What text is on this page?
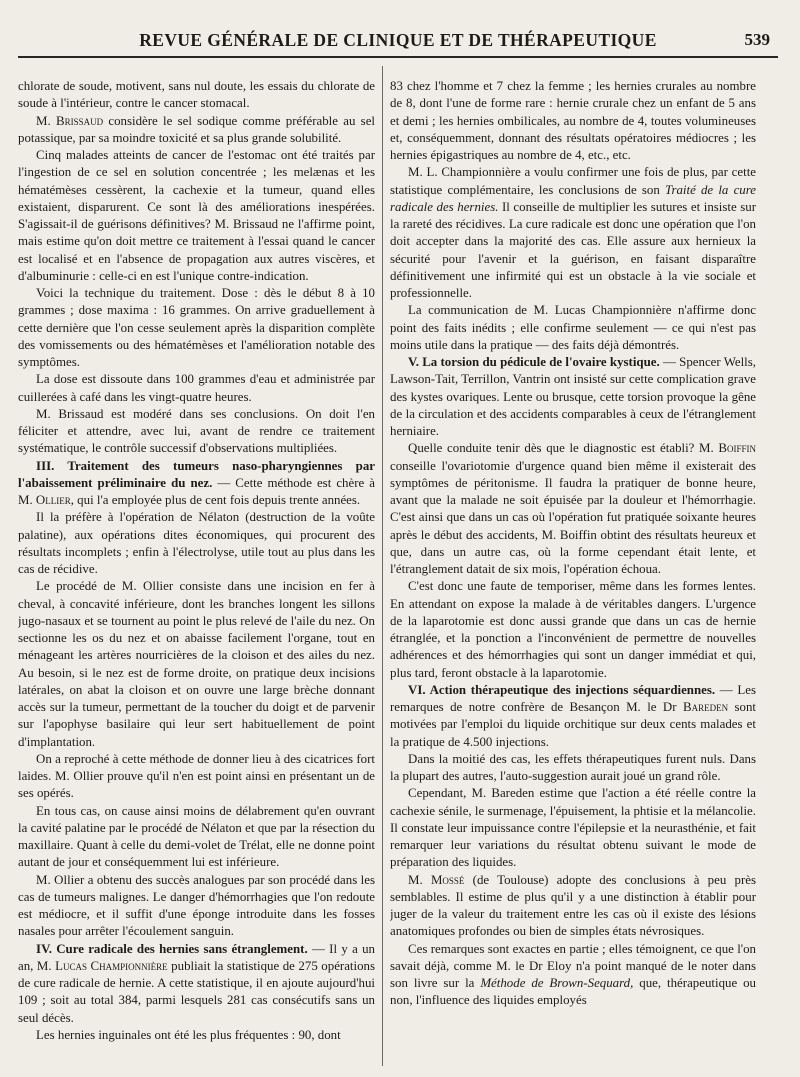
REVUE GÉNÉRALE DE CLINIQUE ET DE THÉRAPEUTIQUE	539

chlorate de soude, motivent, sans nul doute, les essais du chlorate de soude à l'intérieur, contre le cancer stomacal.

M. Brissaud considère le sel sodique comme préférable au sel potassique, par sa moindre toxicité et sa plus grande solubilité.

Cinq malades atteints de cancer de l'estomac ont été traités par l'ingestion de ce sel en solution concentrée ; les melænas et les hématémèses cessèrent, la cachexie et la tumeur, quand elles existaient, disparurent. Ce sont là des améliorations inespérées. S'agissait-il de guérisons définitives? M. Brissaud ne l'affirme point, mais estime qu'on doit mettre ce traitement à l'essai quand le cancer est localisé et en l'absence de propagation aux autres viscères, et d'albuminurie : celle-ci en est l'unique contre-indication.

Voici la technique du traitement. Dose : dès le début 8 à 10 grammes ; dose maxima : 16 grammes. On arrive graduellement à cette dernière que l'on cesse seulement après la disparition complète des vomissements ou des hématémèses et l'amélioration notable des symptômes.

La dose est dissoute dans 100 grammes d'eau et administrée par cuillerées à café dans les vingt-quatre heures.

M. Brissaud est modéré dans ses conclusions. On doit l'en féliciter et attendre, avec lui, avant de rendre ce traitement systématique, le contrôle successif d'observations multipliées.

III. Traitement des tumeurs naso-pharyngiennes par l'abaissement préliminaire du nez. — Cette méthode est chère à M. Ollier, qui l'a employée plus de cent fois depuis trente années.

Il la préfère à l'opération de Nélaton (destruction de la voûte palatine), aux opérations dites économiques, qui procurent des résultats incomplets ; enfin à l'électrolyse, utile tout au plus dans les cas de récidive.

Le procédé de M. Ollier consiste dans une incision en fer à cheval, à concavité inférieure, dont les branches longent les sillons jugo-nasaux et se tournent au point le plus relevé de l'aile du nez. On sectionne les os du nez et on abaisse facilement l'organe, tout en ménageant les artères nourricières de la cloison et des ailes du nez. Au besoin, si le nez est de forme droite, on pratique deux incisions latérales, on abat la cloison et on ouvre une large brèche donnant accès sur la tumeur, permettant de la toucher du doigt et de parvenir sur l'apophyse basilaire qui leur sert habituellement de point d'implantation.

On a reproché à cette méthode de donner lieu à des cicatrices fort laides. M. Ollier prouve qu'il n'en est point ainsi en présentant un de ses opérés.

En tous cas, on cause ainsi moins de délabrement qu'en ouvrant la cavité palatine par le procédé de Nélaton et que par la résection du maxillaire. Quant à celle du demi-volet de Trélat, elle ne donne point autant de jour et conséquemment lui est inférieure.

M. Ollier a obtenu des succès analogues par son procédé dans les cas de tumeurs malignes. Le danger d'hémorrhagies que l'on redoute est médiocre, et il suffit d'une éponge introduite dans les fosses nasales pour arrêter l'écoulement sanguin.

IV. Cure radicale des hernies sans étranglement. — Il y a un an, M. Lucas Championnière publiait la statistique de 275 opérations de cure radicale de hernie. A cette statistique, il en ajoute aujourd'hui 109 ; soit au total 384, parmi lesquels 281 cas consécutifs sans un seul décès.

Les hernies inguinales ont été les plus fréquentes : 90, dont

83 chez l'homme et 7 chez la femme ; les hernies crurales au nombre de 8, dont l'une de forme rare : hernie crurale chez un enfant de 5 ans et demi ; les hernies ombilicales, au nombre de 4, toutes volumineuses et, conséquemment, donnant des résultats opératoires médiocres ; les hernies épigastriques au nombre de 4, etc., etc.

M. L. Championnière a voulu confirmer une fois de plus, par cette statistique complémentaire, les conclusions de son Traité de la cure radicale des hernies. Il conseille de multiplier les sutures et insiste sur la rareté des récidives. La cure radicale est donc une opération que l'on doit accepter dans la majorité des cas. Elle assure aux hernieux la sécurité pour l'avenir et la guérison, en faisant disparaître définitivement une infirmité qui est un obstacle à la vie sociale et professionnelle.

La communication de M. Lucas Championnière n'affirme donc point des faits inédits ; elle confirme seulement — ce qui n'est pas moins utile dans la pratique — des faits déjà démontrés.

V. La torsion du pédicule de l'ovaire kystique. — Spencer Wells, Lawson-Tait, Terrillon, Vantrin ont insisté sur cette complication grave des kystes ovariques. Lente ou brusque, cette torsion provoque la gêne de la circulation et des accidents comparables à ceux de l'étranglement herniaire.

Quelle conduite tenir dès que le diagnostic est établi? M. Boiffin conseille l'ovariotomie d'urgence quand bien même il existerait des symptômes de péritonisme. Il faudra la pratiquer de bonne heure, avant que la malade ne soit épuisée par la douleur et l'hémorrhagie. C'est ainsi que dans un cas où l'opération fut pratiquée soixante heures après le début des accidents, M. Boiffin obtint des résultats heureux et que, dans un autre cas, où la forme cependant était lente, et l'étranglement datait de six mois, l'opération échoua.

C'est donc une faute de temporiser, même dans les formes lentes. En attendant on expose la malade à de véritables dangers. L'urgence de la laparotomie est donc aussi grande que dans un cas de hernie étranglée, et la ponction a l'inconvénient de permettre de nouvelles adhérences et des hémorrhagies qui sont un danger immédiat et qui, plus tard, feront obstacle à la laparotomie.

VI. Action thérapeutique des injections séquardiennes. — Les remarques de notre confrère de Besançon M. le Dr Bareden sont motivées par l'emploi du liquide orchitique sur deux cents malades et la pratique de 4.500 injections.

Dans la moitié des cas, les effets thérapeutiques furent nuls. Dans la plupart des autres, l'auto-suggestion aurait joué un grand rôle.

Cependant, M. Bareden estime que l'action a été réelle contre la cachexie sénile, le surmenage, l'épuisement, la phtisie et la mélancolie. Il constate leur impuissance contre l'épilepsie et la neurasthénie, et fait remarquer leur variations du résultat obtenu suivant le mode de préparation des liquides.

M. Mossé (de Toulouse) adopte des conclusions à peu près semblables. Il estime de plus qu'il y a une distinction à établir pour juger de la valeur du traitement entre les cas où il existe des lésions anatomiques profondes ou bien de simples états névrosiques.

Ces remarques sont exactes en partie ; elles témoignent, ce que l'on savait déjà, comme M. le Dr Eloy n'a point manqué de le noter dans son livre sur la Méthode de Brown-Sequard, que, thérapeutique ou non, l'influence des liquides employés
